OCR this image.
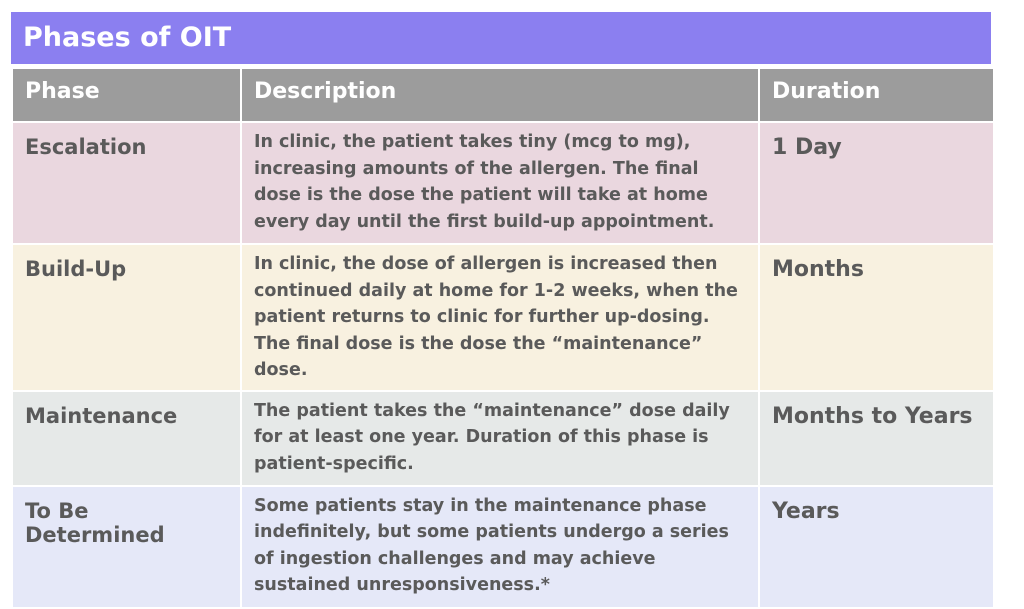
Phases of OIT
Phase	Description	Duration
Escalation	In clinic, the patient takes tiny (mcg to mg), increasing amounts of the allergen. The final dose is the dose the patient will take at home every day until the first build-up appointment.	1 Day
Build-Up	In clinic, the dose of allergen is increased then continued daily at home for 1-2 weeks, when the patient returns to clinic for further up-dosing. The final dose is the dose the “maintenance” dose.	Months
Maintenance	The patient takes the “maintenance” dose daily for at least one year. Duration of this phase is patient-specific.	Months to Years
To Be Determined	Some patients stay in the maintenance phase indefinitely, but some patients undergo a series of ingestion challenges and may achieve sustained unresponsiveness.*	Years
